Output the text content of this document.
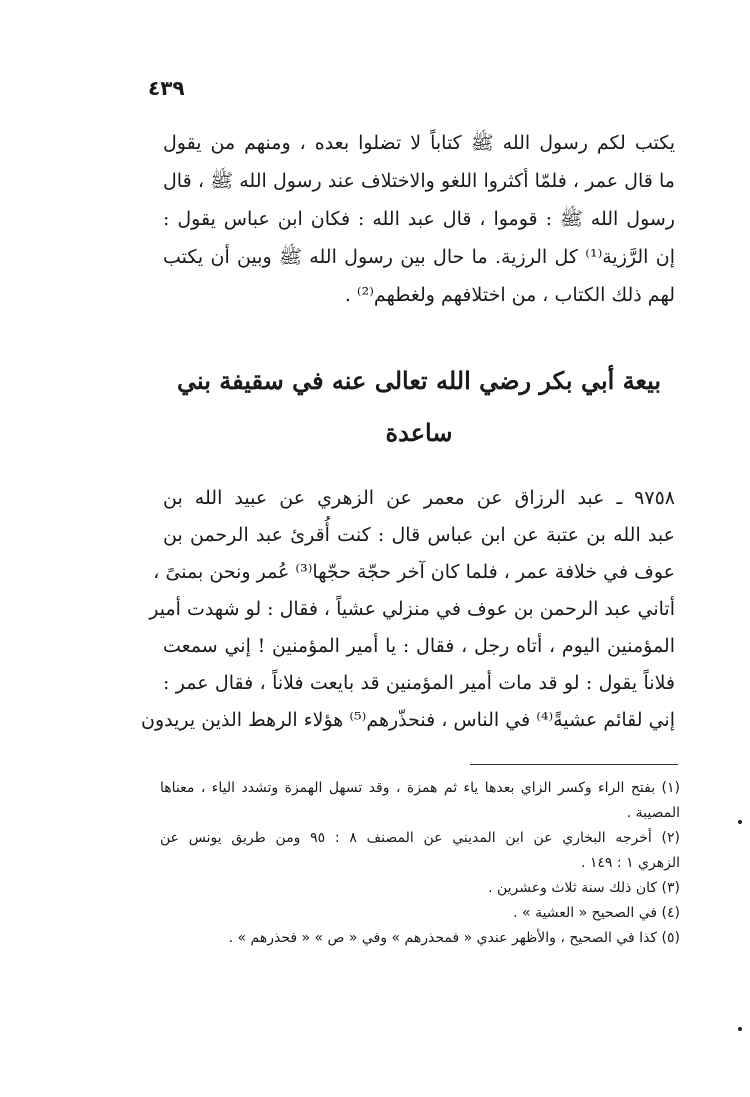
٤٣٩
يكتب لكم رسول الله ﷺ كتاباً لا تضلوا بعده ، ومنهم من يقول
ما قال عمر ، فلمّا أكثروا اللغو والاختلاف عند رسول الله ﷺ ، قال
رسول الله ﷺ : قوموا ، قال عبد الله : فكان ابن عباس يقول :
إن الرَّزية⁽¹⁾ كل الرزية. ما حال بين رسول الله ﷺ وبين أن يكتب
لهم ذلك الكتاب ، من اختلافهم ولغطهم⁽²⁾ .
بيعة أبي بكر رضي الله تعالى عنه في سقيفة بني
ساعدة
٩٧٥٨ ـ عبد الرزاق عن معمر عن الزهري عن عبيد الله بن
عبد الله بن عتبة عن ابن عباس قال : كنت أُقرئ عبد الرحمن بن
عوف في خلافة عمر ، فلما كان آخر حجّة حجّها⁽³⁾ عُمر ونحن بمنىً ،
أتاني عبد الرحمن بن عوف في منزلي عشياً ، فقال : لو شهدت أمير
المؤمنين اليوم ، أتاه رجل ، فقال : يا أمير المؤمنين ! إني سمعت
فلاناً يقول : لو قد مات أمير المؤمنين قد بايعت فلاناً ، فقال عمر :
إني لقائم عشيةً⁽⁴⁾ في الناس ، فنحذّرهم⁽⁵⁾ هؤلاء الرهط الذين يريدون
(١) بفتح الراء وكسر الزاي بعدها ياء ثم همزة ، وقد تسهل الهمزة وتشدد الياء ، معناها
المصيبة .
(٢) أخرجه البخاري عن ابن المديني عن المصنف ٨ : ٩٥ ومن طريق يونس عن
الزهري ١ : ١٤٩ .
(٣) كان ذلك سنة ثلاث وعشرين .
(٤) في الصحيح « العشية » .
(٥) كذا في الصحيح ، والأظهر عندي « فمحذرهم » وفي « ص » « فحذرهم » .
